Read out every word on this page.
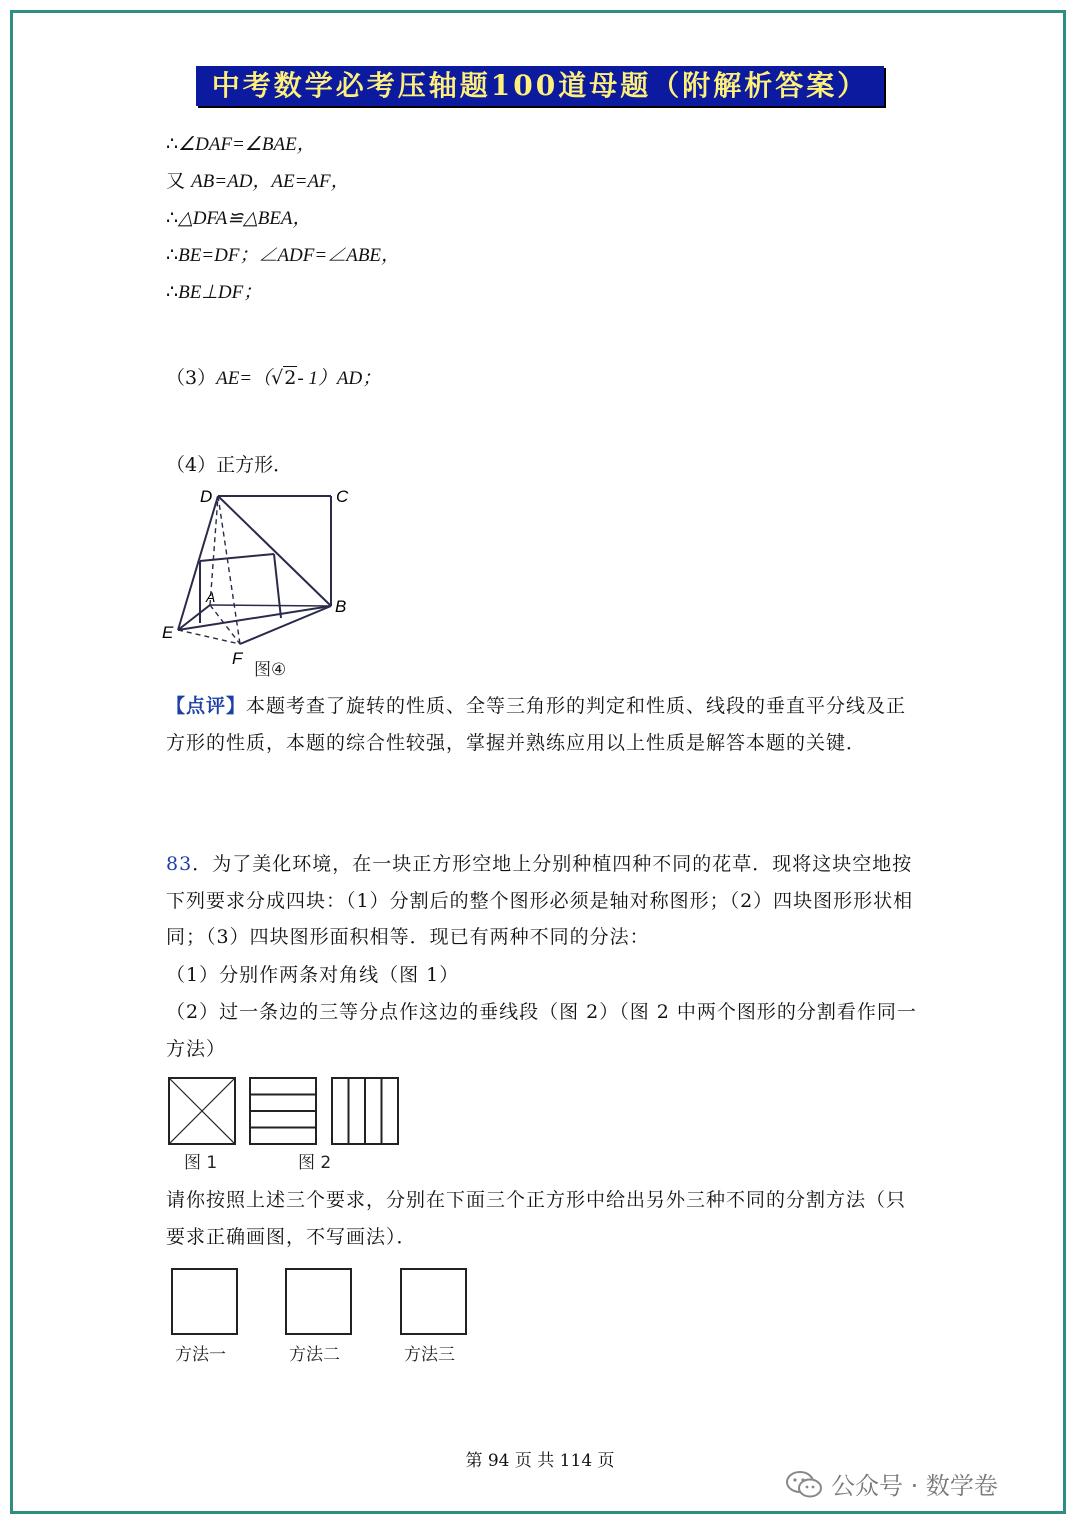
中考数学必考压轴题100道母题（附解析答案）
∴∠DAF=∠BAE，
又 AB=AD，AE=AF，
∴△DFA≌△BEA，
∴BE=DF；∠ADF=∠ABE，
∴BE⊥DF；
（3）AE=（√2- 1）AD；
（4）正方形．
D	C
A	B
E
F
图④
【点评】本题考查了旋转的性质、全等三角形的判定和性质、线段的垂直平分线及正方形的性质，本题的综合性较强，掌握并熟练应用以上性质是解答本题的关键．
83．为了美化环境，在一块正方形空地上分别种植四种不同的花草．现将这块空地按下列要求分成四块：（1）分割后的整个图形必须是轴对称图形；（2）四块图形形状相同；（3）四块图形面积相等．现已有两种不同的分法：
（1）分别作两条对角线（图 1）
（2）过一条边的三等分点作这边的垂线段（图 2）（图 2 中两个图形的分割看作同一方法）
图 1	图 2
请你按照上述三个要求，分别在下面三个正方形中给出另外三种不同的分割方法（只要求正确画图，不写画法）．
方法一	方法二	方法三
第 94 页 共 114 页
公众号 · 数学卷
